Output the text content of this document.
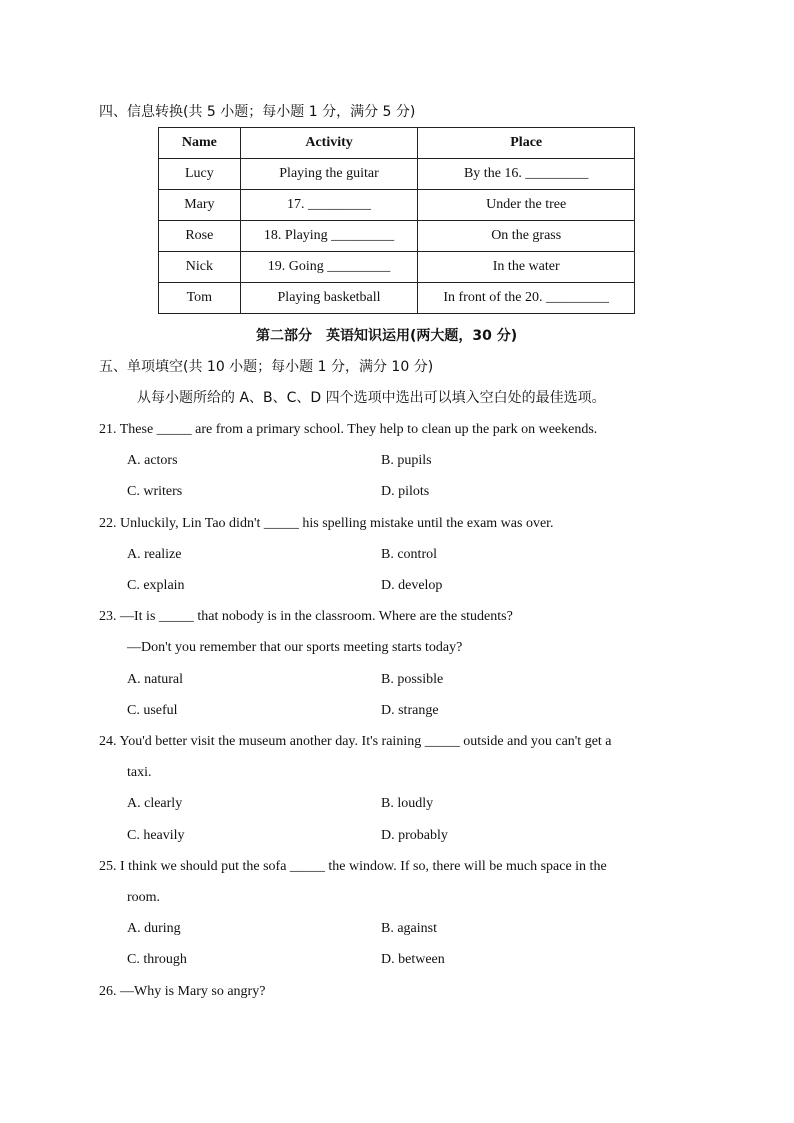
四、信息转换(共 5 小题；每小题 1 分，满分 5 分)
Name	Activity	Place
Lucy	Playing the guitar	By the 16. _________
Mary	17. _________	Under the tree
Rose	18. Playing _________	On the grass
Nick	19. Going _________	In the water
Tom	Playing basketball	In front of the 20. _________
第二部分　英语知识运用(两大题，30 分)
五、单项填空(共 10 小题；每小题 1 分，满分 10 分)
从每小题所给的 A、B、C、D 四个选项中选出可以填入空白处的最佳选项。
21. These _____ are from a primary school. They help to clean up the park on weekends.
A. actors	B. pupils
C. writers	D. pilots
22. Unluckily, Lin Tao didn't _____ his spelling mistake until the exam was over.
A. realize	B. control
C. explain	D. develop
23. —It is _____ that nobody is in the classroom. Where are the students?
—Don't you remember that our sports meeting starts today?
A. natural	B. possible
C. useful	D. strange
24. You'd better visit the museum another day. It's raining _____ outside and you can't get a
taxi.
A. clearly	B. loudly
C. heavily	D. probably
25. I think we should put the sofa _____ the window. If so, there will be much space in the
room.
A. during	B. against
C. through	D. between
26. —Why is Mary so angry?
